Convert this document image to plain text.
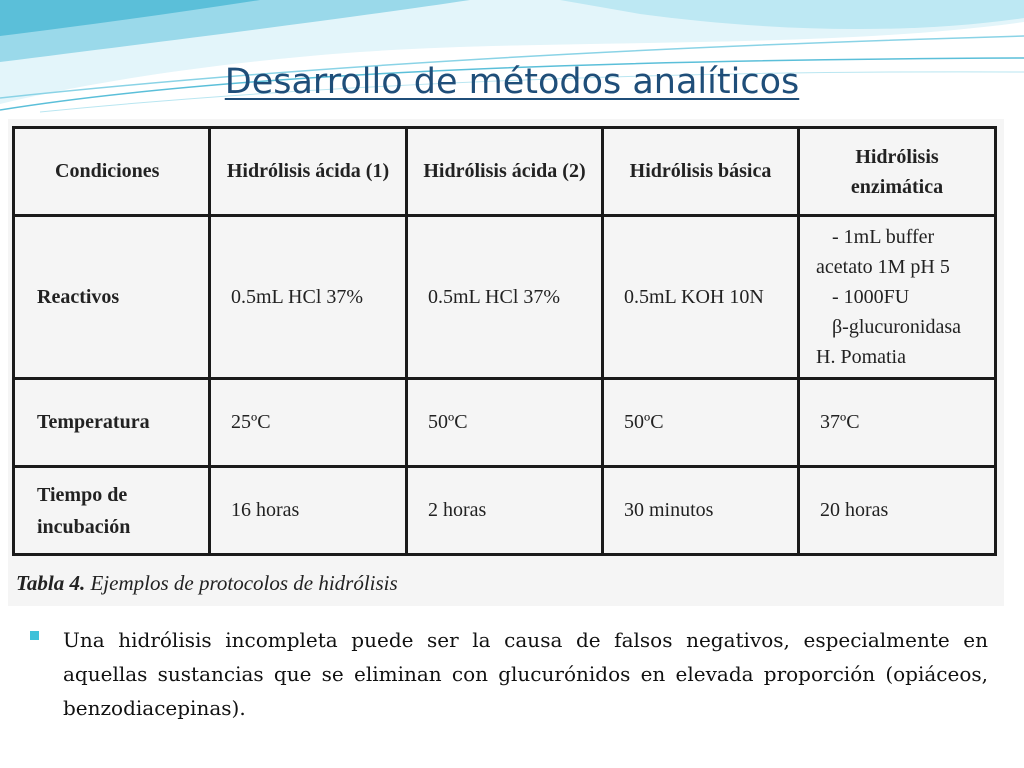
Desarrollo de métodos analíticos
Condiciones	Hidrólisis ácida (1)	Hidrólisis ácida (2)	Hidrólisis básica	Hidrólisis enzimática
Reactivos	0.5mL HCl 37%	0.5mL HCl 37%	0.5mL KOH 10N	- 1mL buffer
acetato 1M pH 5
- 1000FU
β-glucuronidasa
H. Pomatia

Temperatura	25ºC	50ºC	50ºC	37ºC
Tiempo de incubación	16 horas	2 horas	30 minutos	20 horas
Tabla 4. Ejemplos de protocolos de hidrólisis
Una hidrólisis incompleta puede ser la causa de falsos negativos, especialmente en aquellas sustancias que se eliminan con glucurónidos en elevada proporción (opiáceos, benzodiacepinas).
